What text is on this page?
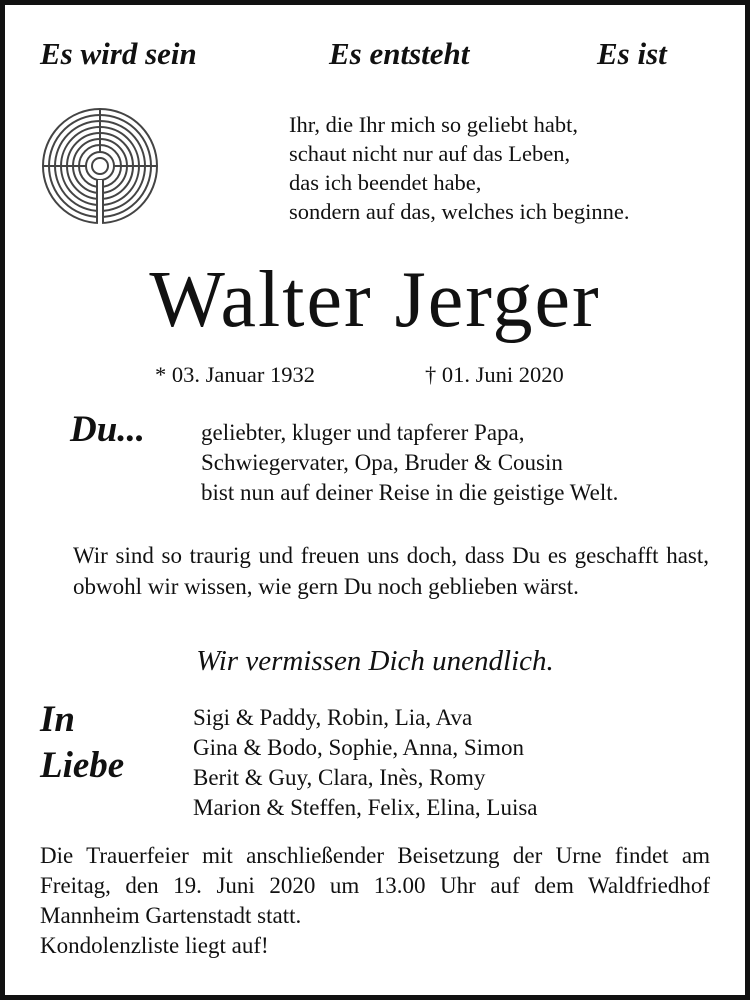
Es wird sein	Es entsteht	Es ist
Ihr, die Ihr mich so geliebt habt,
schaut nicht nur auf das Leben,
das ich beendet habe,
sondern auf das, welches ich beginne.
Walter Jerger
* 03. Januar 1932	† 01. Juni 2020
Du... geliebter, kluger und tapferer Papa,
Schwiegervater, Opa, Bruder & Cousin
bist nun auf deiner Reise in die geistige Welt.
Wir sind so traurig und freuen uns doch, dass Du es geschafft hast, obwohl wir wissen, wie gern Du noch geblieben wärst.
Wir vermissen Dich unendlich.
In
Liebe
Sigi & Paddy, Robin, Lia, Ava
Gina & Bodo, Sophie, Anna, Simon
Berit & Guy, Clara, Inès, Romy
Marion & Steffen, Felix, Elina, Luisa
Die Trauerfeier mit anschließender Beisetzung der Urne findet am Freitag, den 19. Juni 2020 um 13.00 Uhr auf dem Waldfriedhof Mannheim Gartenstadt statt.
Kondolenzliste liegt auf!
